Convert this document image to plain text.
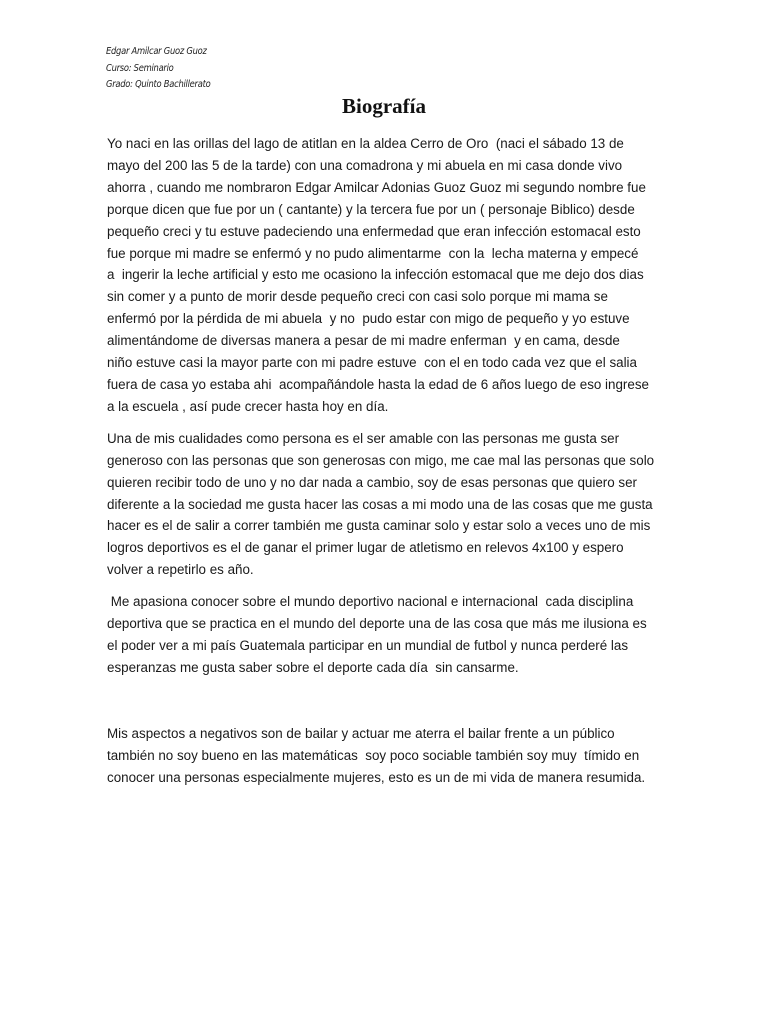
Edgar Amilcar Guoz Guoz
Curso: Seminario
Grado: Quinto Bachillerato
Biografía

Yo naci en las orillas del lago de atitlan en la aldea Cerro de Oro  (naci el sábado 13 de
mayo del 200 las 5 de la tarde) con una comadrona y mi abuela en mi casa donde vivo
ahorra , cuando me nombraron Edgar Amilcar Adonias Guoz Guoz mi segundo nombre fue
porque dicen que fue por un ( cantante) y la tercera fue por un ( personaje Biblico) desde
pequeño creci y tu estuve padeciendo una enfermedad que eran infección estomacal esto
fue porque mi madre se enfermó y no pudo alimentarme  con la  lecha materna y empecé
a  ingerir la leche artificial y esto me ocasiono la infección estomacal que me dejo dos dias
sin comer y a punto de morir desde pequeño creci con casi solo porque mi mama se
enfermó por la pérdida de mi abuela  y no  pudo estar con migo de pequeño y yo estuve
alimentándome de diversas manera a pesar de mi madre enferman  y en cama, desde
niño estuve casi la mayor parte con mi padre estuve  con el en todo cada vez que el salia
fuera de casa yo estaba ahi  acompañándole hasta la edad de 6 años luego de eso ingrese
a la escuela , así pude crecer hasta hoy en día.

Una de mis cualidades como persona es el ser amable con las personas me gusta ser
generoso con las personas que son generosas con migo, me cae mal las personas que solo
quieren recibir todo de uno y no dar nada a cambio, soy de esas personas que quiero ser
diferente a la sociedad me gusta hacer las cosas a mi modo una de las cosas que me gusta
hacer es el de salir a correr también me gusta caminar solo y estar solo a veces uno de mis
logros deportivos es el de ganar el primer lugar de atletismo en relevos 4x100 y espero
volver a repetirlo es año.

Me apasiona conocer sobre el mundo deportivo nacional e internacional  cada disciplina
deportiva que se practica en el mundo del deporte una de las cosa que más me ilusiona es
el poder ver a mi país Guatemala participar en un mundial de futbol y nunca perderé las
esperanzas me gusta saber sobre el deporte cada día  sin cansarme.

Mis aspectos a negativos son de bailar y actuar me aterra el bailar frente a un público
también no soy bueno en las matemáticas  soy poco sociable también soy muy  tímido en
conocer una personas especialmente mujeres, esto es un de mi vida de manera resumida.
